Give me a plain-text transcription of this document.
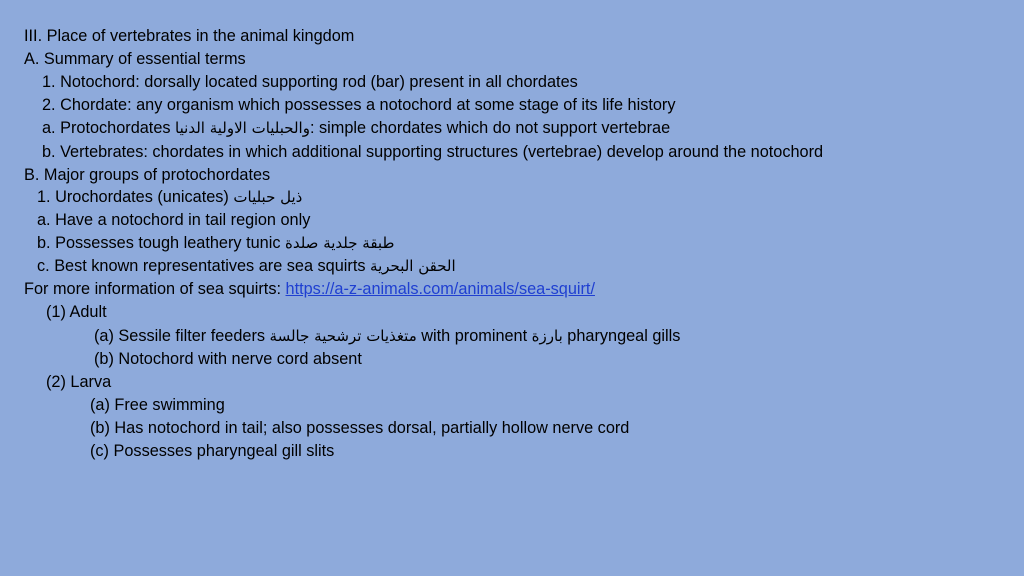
III. Place of vertebrates in the animal kingdom
A. Summary of essential terms
1. Notochord: dorsally located supporting rod (bar) present in all chordates
2. Chordate: any organism which possesses a notochord at some stage of its life history
a. Protochordates والحبليات الاولية الدنيا: simple chordates which do not support vertebrae
b. Vertebrates: chordates in which additional supporting structures (vertebrae) develop around the notochord
B. Major groups of protochordates
1. Urochordates (unicates) ذيل حبليات
a. Have a notochord in tail region only
b. Possesses tough leathery tunic طبقة جلدية صلدة
c. Best known representatives are sea squirts الحقن البحرية
For more information of sea squirts: https://a-z-animals.com/animals/sea-squirt/
(1) Adult
(a) Sessile filter feeders متغذيات ترشحية جالسة with prominent بارزة pharyngeal gills
(b) Notochord with nerve cord absent
(2) Larva
(a) Free swimming
(b) Has notochord in tail; also possesses dorsal, partially hollow nerve cord
(c) Possesses pharyngeal gill slits
